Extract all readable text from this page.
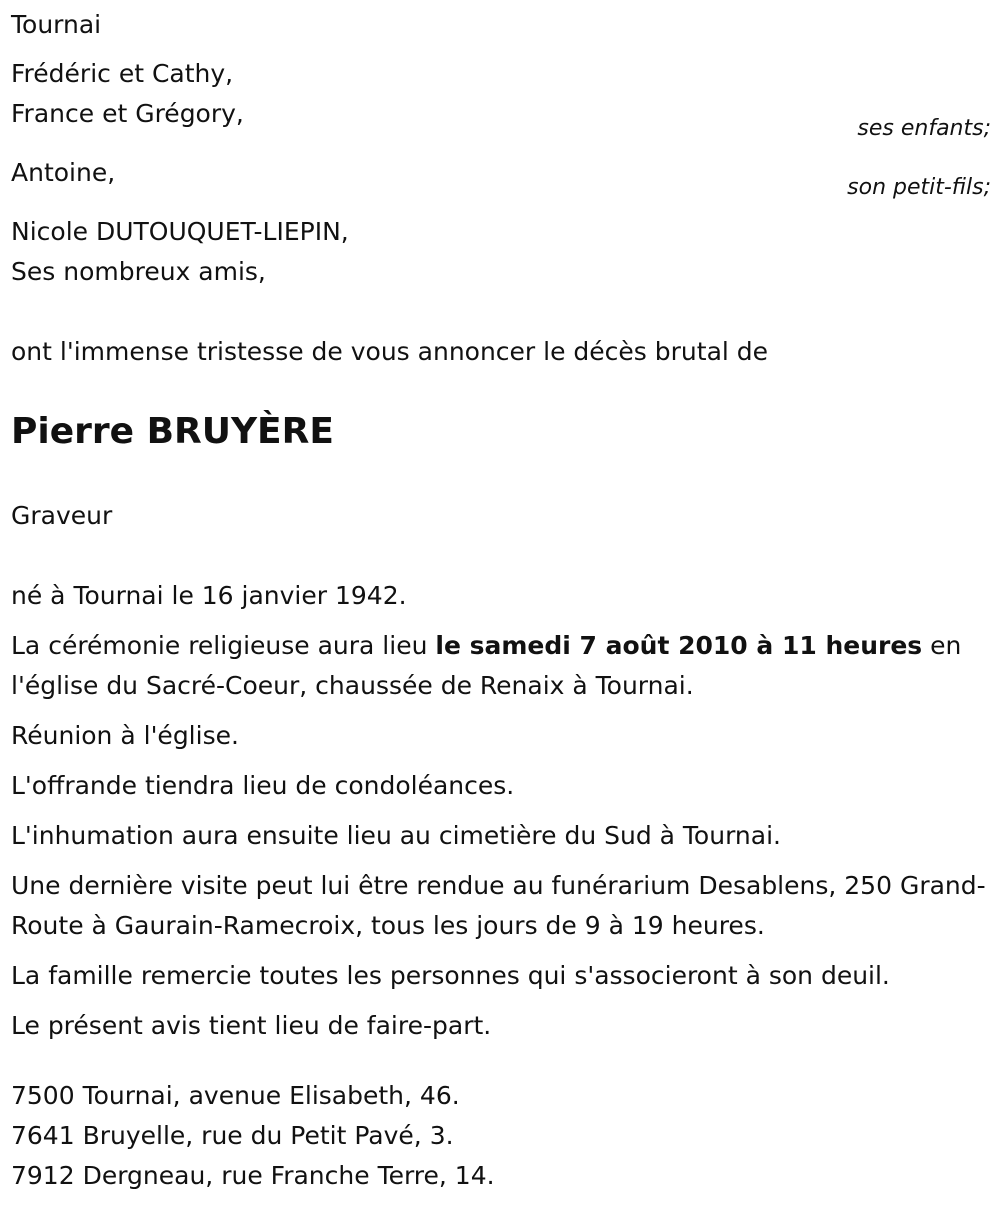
Tournai

Frédéric et Cathy,

France et Grégory,

ses enfants;

Antoine,

son petit-fils;

Nicole DUTOUQUET-LIEPIN,

Ses nombreux amis,

ont l'immense tristesse de vous annoncer le décès brutal de

Pierre BRUYÈRE

Graveur

né à Tournai le 16 janvier 1942.

La cérémonie religieuse aura lieu le samedi 7 août 2010 à 11 heures en l'église du Sacré-Coeur, chaussée de Renaix à Tournai.

Réunion à l'église.

L'offrande tiendra lieu de condoléances.

L'inhumation aura ensuite lieu au cimetière du Sud à Tournai.

Une dernière visite peut lui être rendue au funérarium Desablens, 250 Grand-Route à Gaurain-Ramecroix, tous les jours de 9 à 19 heures.

La famille remercie toutes les personnes qui s'associeront à son deuil.

Le présent avis tient lieu de faire-part.

7500 Tournai, avenue Elisabeth, 46.

7641 Bruyelle, rue du Petit Pavé, 3.

7912 Dergneau, rue Franche Terre, 14.
